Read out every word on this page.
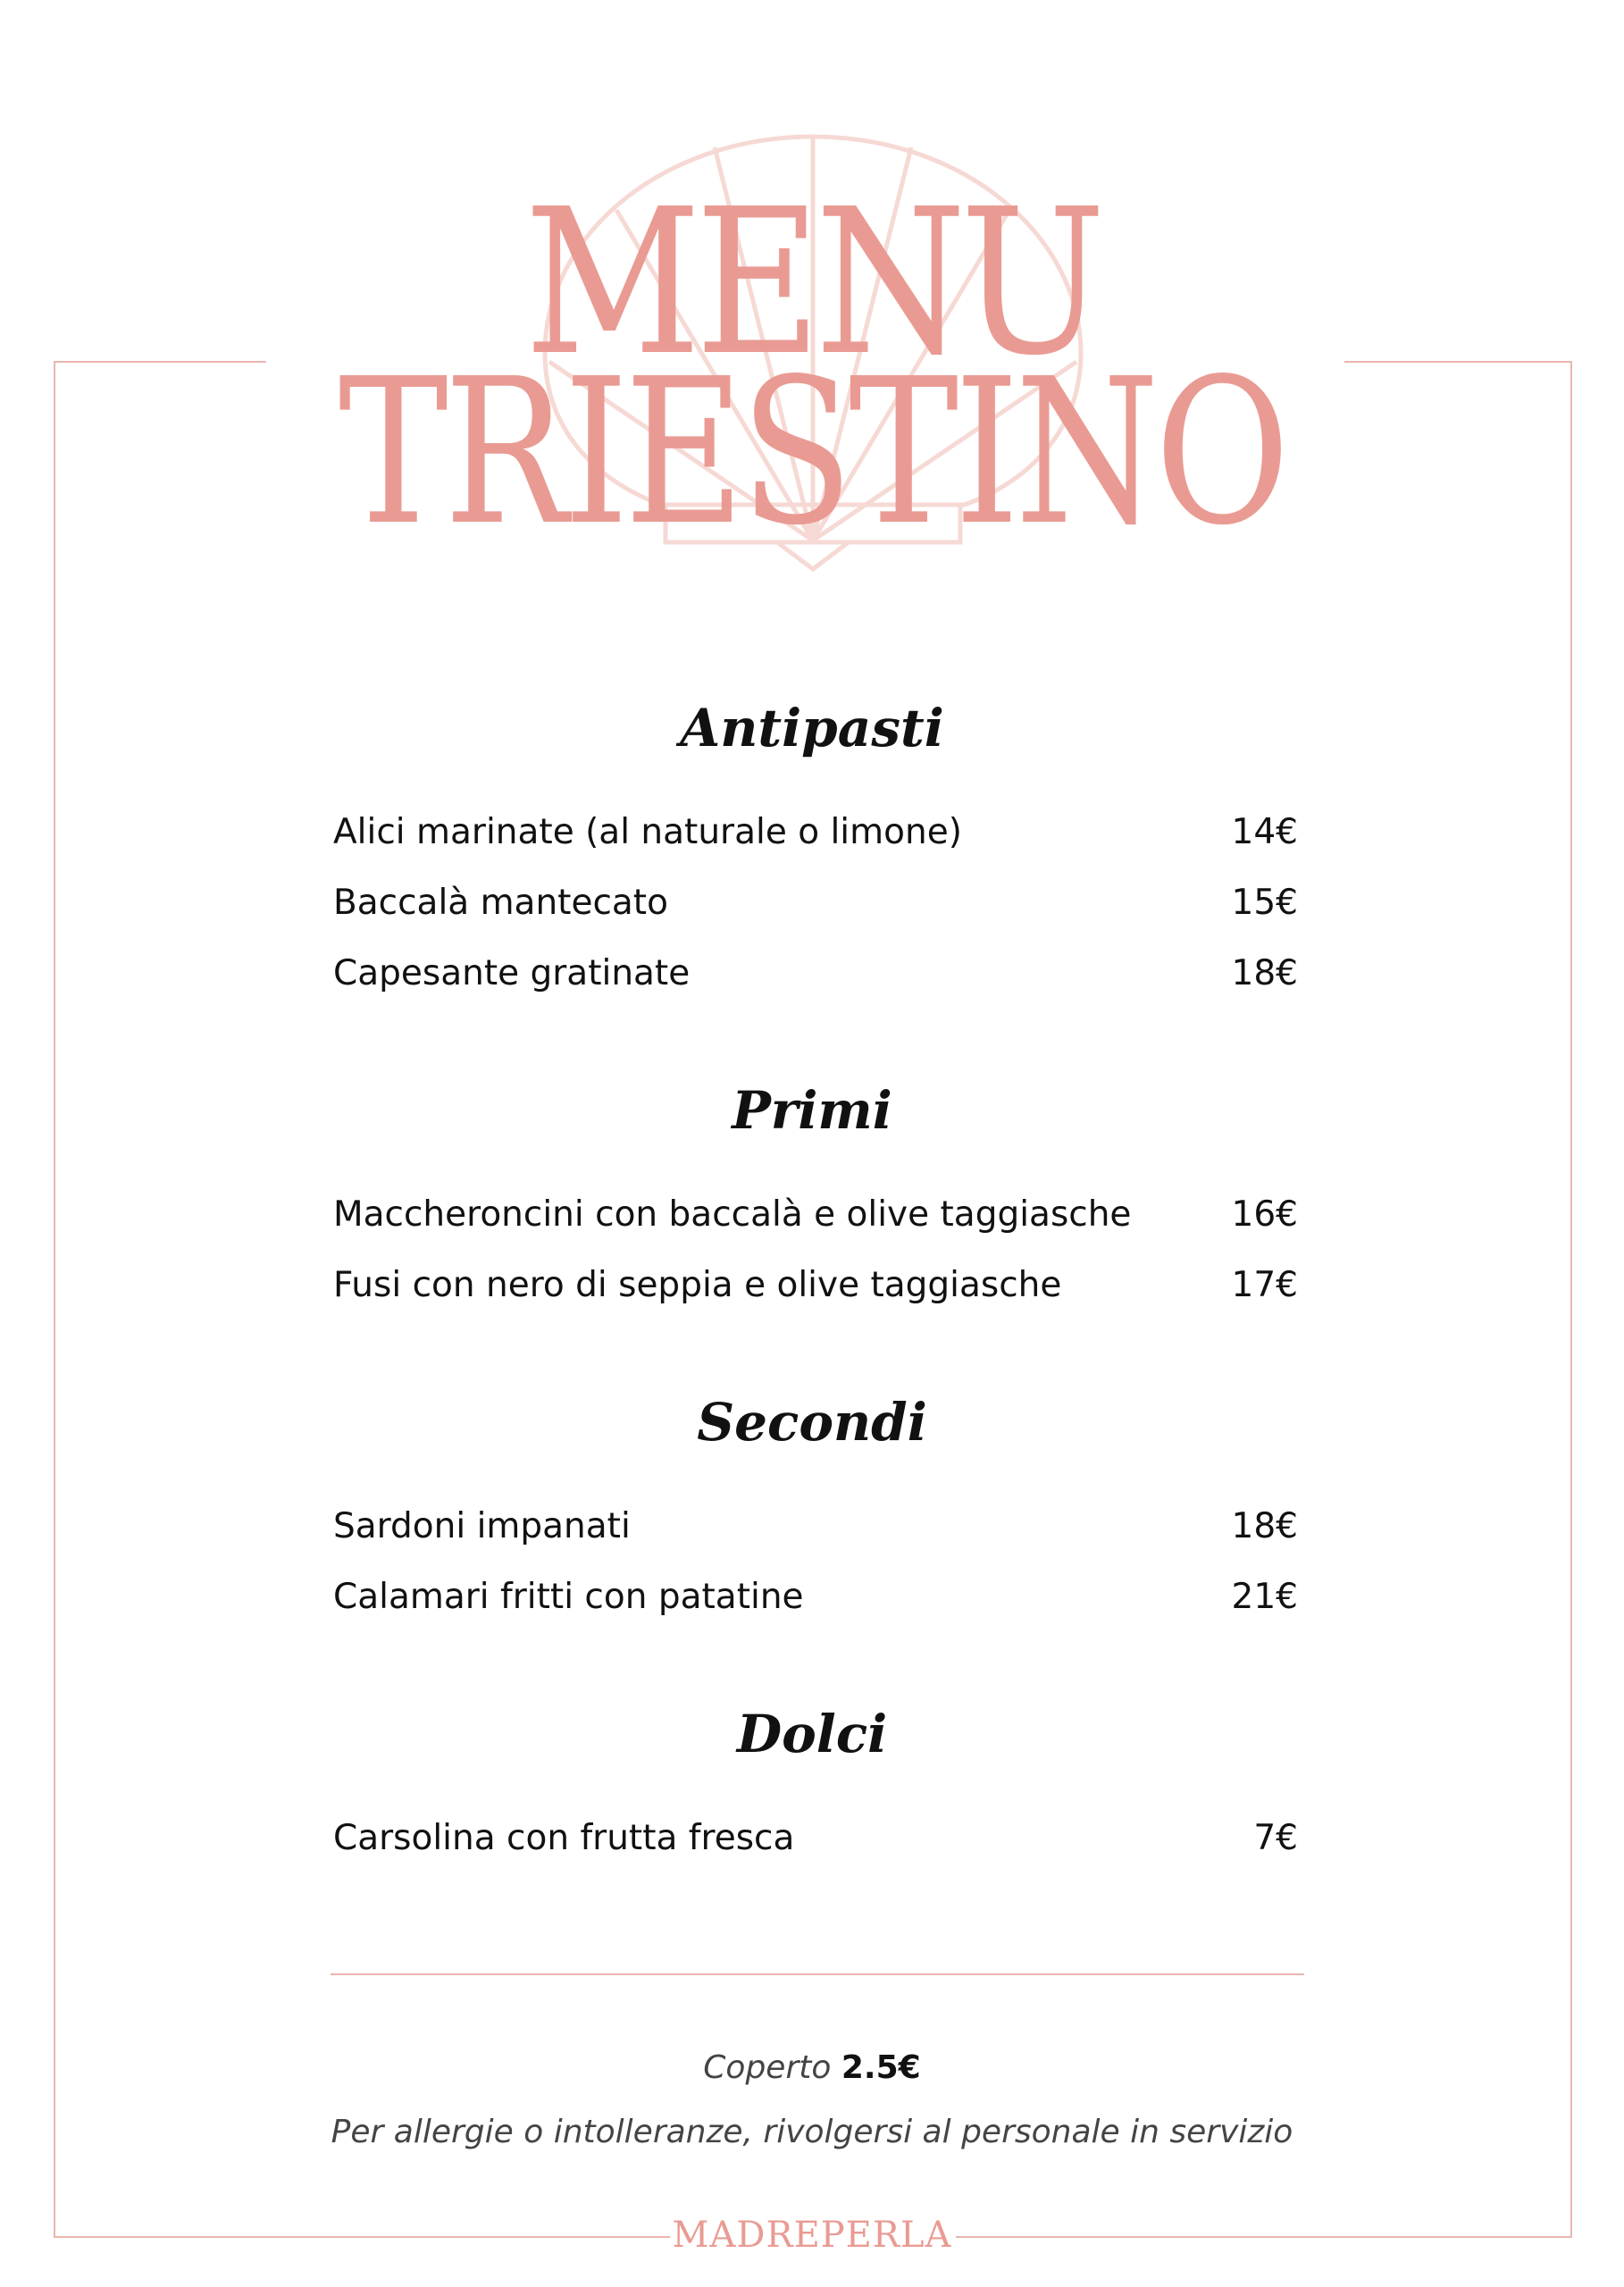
MENU
TRIESTINO
Antipasti
Alici marinate (al naturale o limone)	14€
Baccalà mantecato	15€
Capesante gratinate	18€
Primi
Maccheroncini con baccalà e olive taggiasche	16€
Fusi con nero di seppia e olive taggiasche	17€
Secondi
Sardoni impanati	18€
Calamari fritti con patatine	21€
Dolci
Carsolina con frutta fresca	7€
Coperto 2.5€
Per allergie o intolleranze, rivolgersi al personale in servizio
MADREPERLA
